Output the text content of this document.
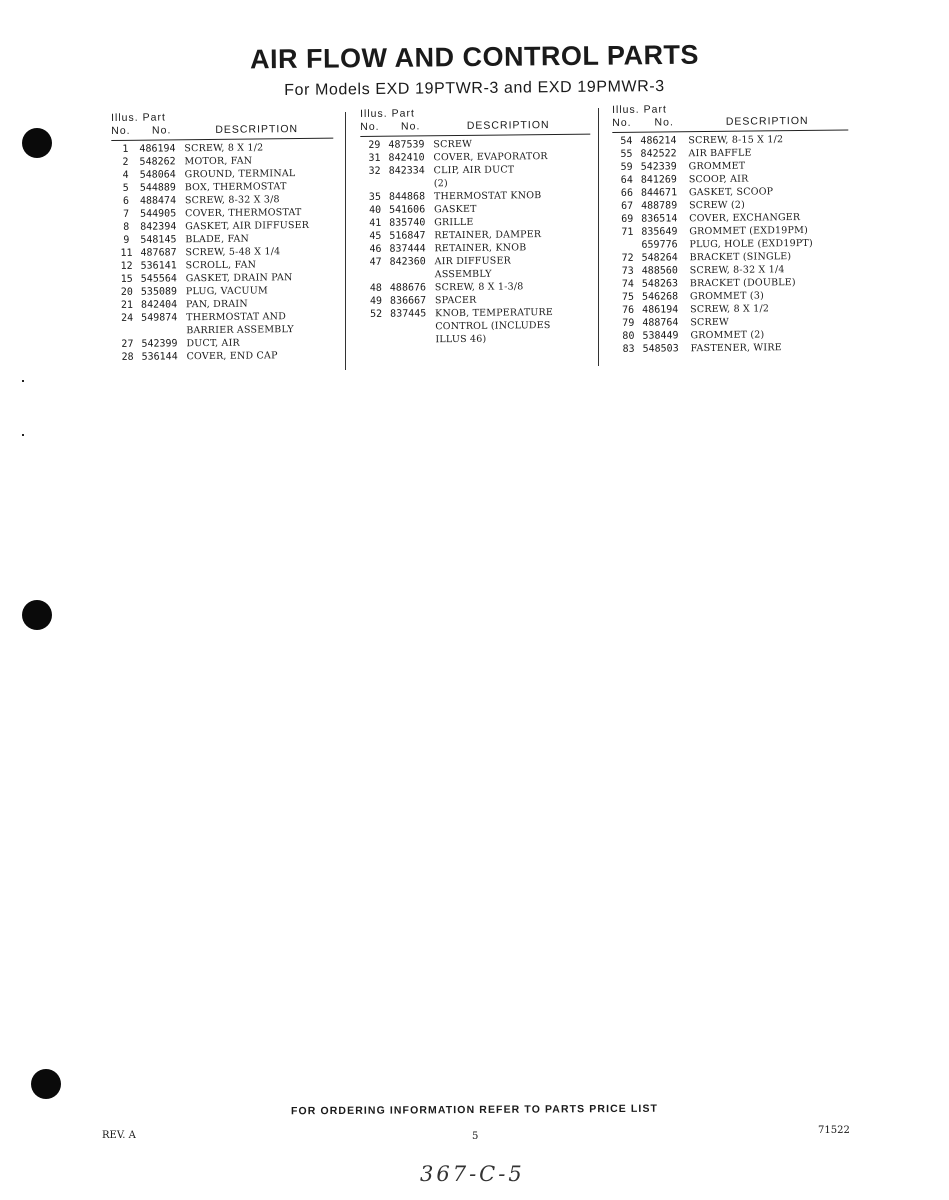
AIR FLOW AND CONTROL PARTS
For Models EXD 19PTWR-3 and EXD 19PMWR-3
Illus. Part
No.	No.	DESCRIPTION
1	486194 SCREW, 8 X 1/2
2	548262 MOTOR, FAN
4	548064 GROUND, TERMINAL
5	544889 BOX, THERMOSTAT
6	488474 SCREW, 8-32 X 3/8
7	544905 COVER, THERMOSTAT
8	842394 GASKET, AIR DIFFUSER
9	548145 BLADE, FAN
11 487687 SCREW, 5-48 X 1/4
12 536141 SCROLL, FAN
15 545564 GASKET, DRAIN PAN
20 535089 PLUG, VACUUM
21 842404 PAN, DRAIN
24 549874 THERMOSTAT AND
BARRIER ASSEMBLY
27 542399 DUCT, AIR
28 536144 COVER, END CAP
Illus. Part
No.	No.	DESCRIPTION
29 487539 SCREW
31 842410 COVER, EVAPORATOR
32 842334 CLIP, AIR DUCT
(2)
35 844868 THERMOSTAT KNOB
40 541606 GASKET
41 835740 GRILLE
45 516847 RETAINER, DAMPER
46 837444 RETAINER, KNOB
47 842360 AIR DIFFUSER
ASSEMBLY
48 488676 SCREW, 8 X 1-3/8
49 836667 SPACER
52 837445 KNOB, TEMPERATURE
CONTROL (INCLUDES
ILLUS 46)
Illus. Part
No.	No.	DESCRIPTION
54 486214	SCREW, 8-15 X 1/2
55 842522	AIR BAFFLE
59 542339	GROMMET
64 841269	SCOOP, AIR
66 844671	GASKET, SCOOP
67 488789	SCREW (2)
69 836514	COVER, EXCHANGER
71 835649	GROMMET (EXD19PM)
659776	PLUG, HOLE (EXD19PT)
72 548264	BRACKET (SINGLE)
73 488560	SCREW, 8-32 X 1/4
74 548263	BRACKET (DOUBLE)
75 546268	GROMMET (3)
76 486194	SCREW, 8 X 1/2
79 488764	SCREW
80 538449	GROMMET (2)
83 548503	FASTENER, WIRE
FOR ORDERING INFORMATION REFER TO PARTS PRICE LIST
REV. A	5
71522
367-C-5
